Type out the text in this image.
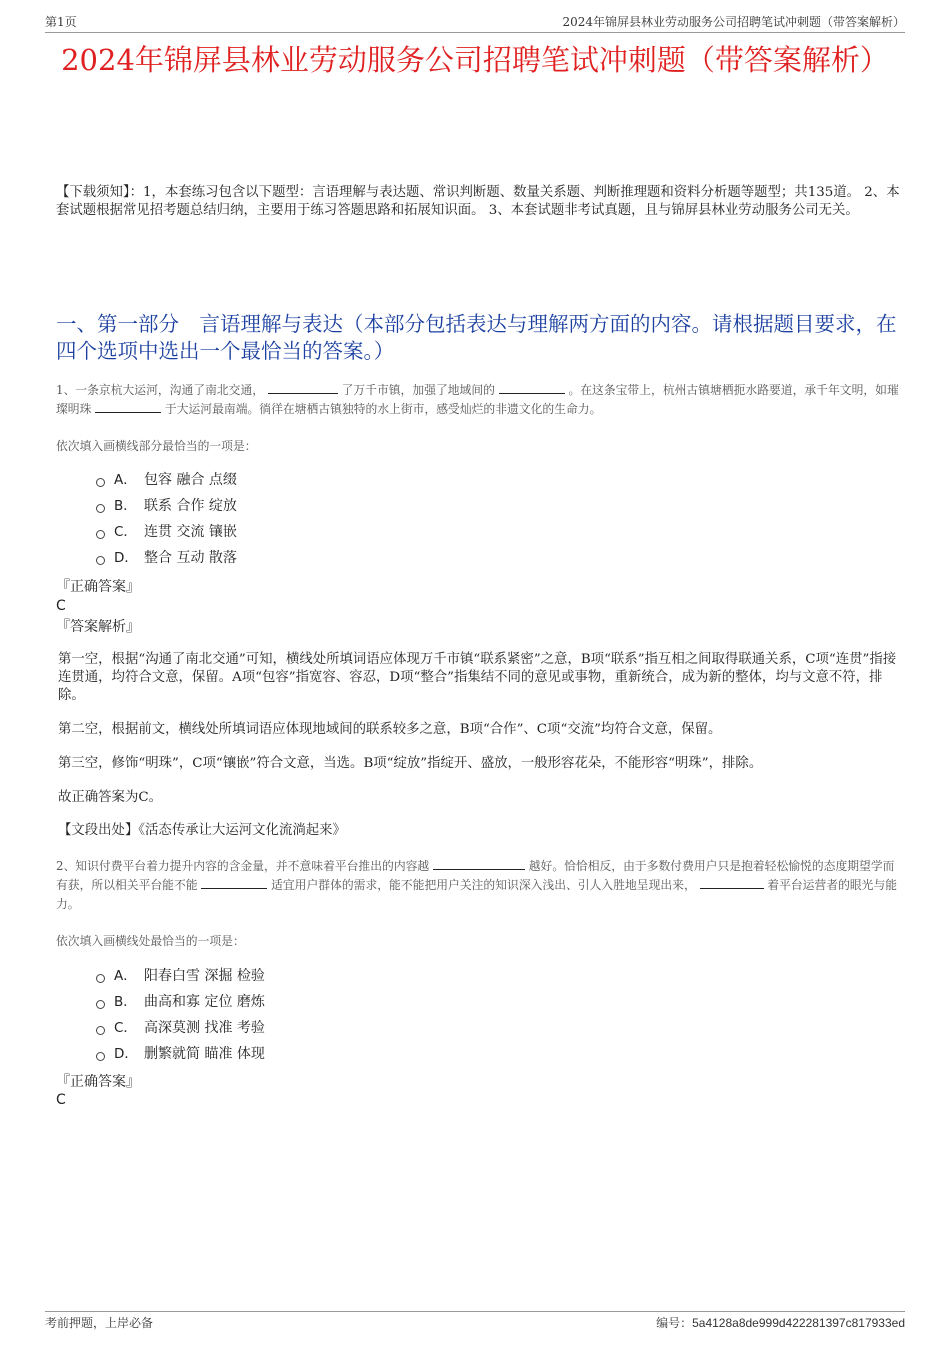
第1页	2024年锦屏县林业劳动服务公司招聘笔试冲刺题（带答案解析）
2024年锦屏县林业劳动服务公司招聘笔试冲刺题（带答案解析）
【下载须知】：1，本套练习包含以下题型：言语理解与表达题、常识判断题、数量关系题、判断推理题和资料分析题等题型；共135道。 2、本套试题根据常见招考题总结归纳，主要用于练习答题思路和拓展知识面。 3、本套试题非考试真题，且与锦屏县林业劳动服务公司无关。
一、第一部分　言语理解与表达（本部分包括表达与理解两方面的内容。请根据题目要求，在四个选项中选出一个最恰当的答案。）
1、一条京杭大运河，沟通了南北交通，	了万千市镇，加强了地域间的	。在这条宝带上，杭州古镇塘栖扼水路要道，承千年文明，如璀璨明珠	于大运河最南端。徜徉在塘栖古镇独特的水上街市，感受灿烂的非遗文化的生命力。
依次填入画横线部分最恰当的一项是：
A． 包容 融合 点缀
B． 联系 合作 绽放
C． 连贯 交流 镶嵌
D． 整合 互动 散落
『正确答案』
C
『答案解析』
第一空，根据“沟通了南北交通”可知，横线处所填词语应体现万千市镇“联系紧密”之意，B项“联系”指互相之间取得联通关系，C项“连贯”指接连贯通，均符合文意，保留。A项“包容”指宽容、容忍，D项“整合”指集结不同的意见或事物，重新统合，成为新的整体，均与文意不符，排除。
第二空，根据前文，横线处所填词语应体现地域间的联系较多之意，B项“合作”、C项“交流”均符合文意，保留。
第三空，修饰“明珠”，C项“镶嵌”符合文意，当选。B项“绽放”指绽开、盛放，一般形容花朵，不能形容“明珠”，排除。
故正确答案为C。
【文段出处】《活态传承让大运河文化流淌起来》
2、知识付费平台着力提升内容的含金量，并不意味着平台推出的内容越	越好。恰恰相反，由于多数付费用户只是抱着轻松愉悦的态度期望学而有获，所以相关平台能不能	适宜用户群体的需求，能不能把用户关注的知识深入浅出、引人入胜地呈现出来，	着平台运营者的眼光与能力。
依次填入画横线处最恰当的一项是：
A． 阳春白雪 深掘 检验
B． 曲高和寡 定位 磨炼
C． 高深莫测 找准 考验
D． 删繁就简 瞄准 体现
『正确答案』
C
考前押题，上岸必备	编号：5a4128a8de999d422281397c817933ed
